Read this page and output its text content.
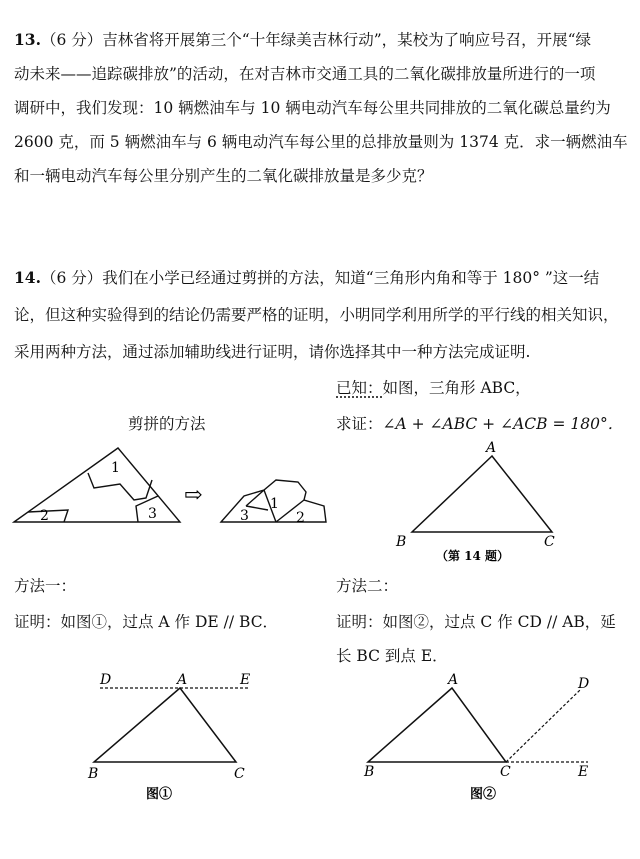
13.（6 分）吉林省将开展第三个“十年绿美吉林行动”，某校为了响应号召，开展“绿
动未来——追踪碳排放”的活动，在对吉林市交通工具的二氧化碳排放量所进行的一项
调研中，我们发现：10 辆燃油车与 10 辆电动汽车每公里共同排放的二氧化碳总量约为
2600 克，而 5 辆燃油车与 6 辆电动汽车每公里的总排放量则为 1374 克．求一辆燃油车
和一辆电动汽车每公里分别产生的二氧化碳排放量是多少克？
14.（6 分）我们在小学已经通过剪拼的方法，知道“三角形内角和等于 180° ”这一结
论，但这种实验得到的结论仍需要严格的证明，小明同学利用所学的平行线的相关知识，
采用两种方法，通过添加辅助线进行证明，请你选择其中一种方法完成证明.
已知：如图，三角形 ABC，
求证：∠A + ∠ABC + ∠ACB = 180°．
剪拼的方法
1
2	3
⇨
3
1
2
A
B	C
（第 14 题）
方法一：	方法二：
证明：如图①，过点 A 作 DE // BC．	证明：如图②，过点 C 作 CD // AB，延
长 BC 到点 E．
D	A	E
B	C
图①
A	D
B	C	E
图②
